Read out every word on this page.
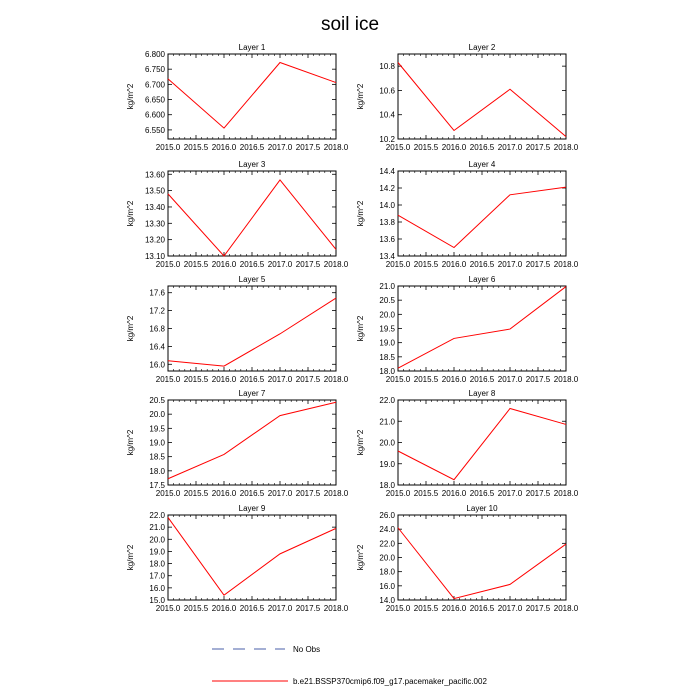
soil ice
Layer 1
2015.0 2015.5 2016.0 2016.5 2017.0 2017.5 2018.0
6.550
6.600
6.650
6.700
6.750
6.800
kg/m^2
Layer 2
2015.0 2015.5 2016.0 2016.5 2017.0 2017.5 2018.0
10.2
10.4
10.6
10.8
kg/m^2
Layer 3
2015.0 2015.5 2016.0 2016.5 2017.0 2017.5 2018.0
13.10
13.20
13.30
13.40
13.50
13.60
kg/m^2
Layer 4
2015.0 2015.5 2016.0 2016.5 2017.0 2017.5 2018.0
13.4
13.6
13.8
14.0
14.2
14.4
kg/m^2
Layer 5
2015.0 2015.5 2016.0 2016.5 2017.0 2017.5 2018.0
16.0
16.4
16.8
17.2
17.6
kg/m^2
Layer 6
2015.0 2015.5 2016.0 2016.5 2017.0 2017.5 2018.0
18.0
18.5
19.0
19.5
20.0
20.5
21.0
kg/m^2
Layer 7
2015.0 2015.5 2016.0 2016.5 2017.0 2017.5 2018.0
17.5
18.0
18.5
19.0
19.5
20.0
20.5
kg/m^2
Layer 8
2015.0 2015.5 2016.0 2016.5 2017.0 2017.5 2018.0
18.0
19.0
20.0
21.0
22.0
kg/m^2
Layer 9
2015.0 2015.5 2016.0 2016.5 2017.0 2017.5 2018.0
15.0
16.0
17.0
18.0
19.0
20.0
21.0
22.0
kg/m^2
Layer 10
2015.0 2015.5 2016.0 2016.5 2017.0 2017.5 2018.0
14.0
16.0
18.0
20.0
22.0
24.0
26.0
kg/m^2
No Obs
b.e21.BSSP370cmip6.f09_g17.pacemaker_pacific.002
